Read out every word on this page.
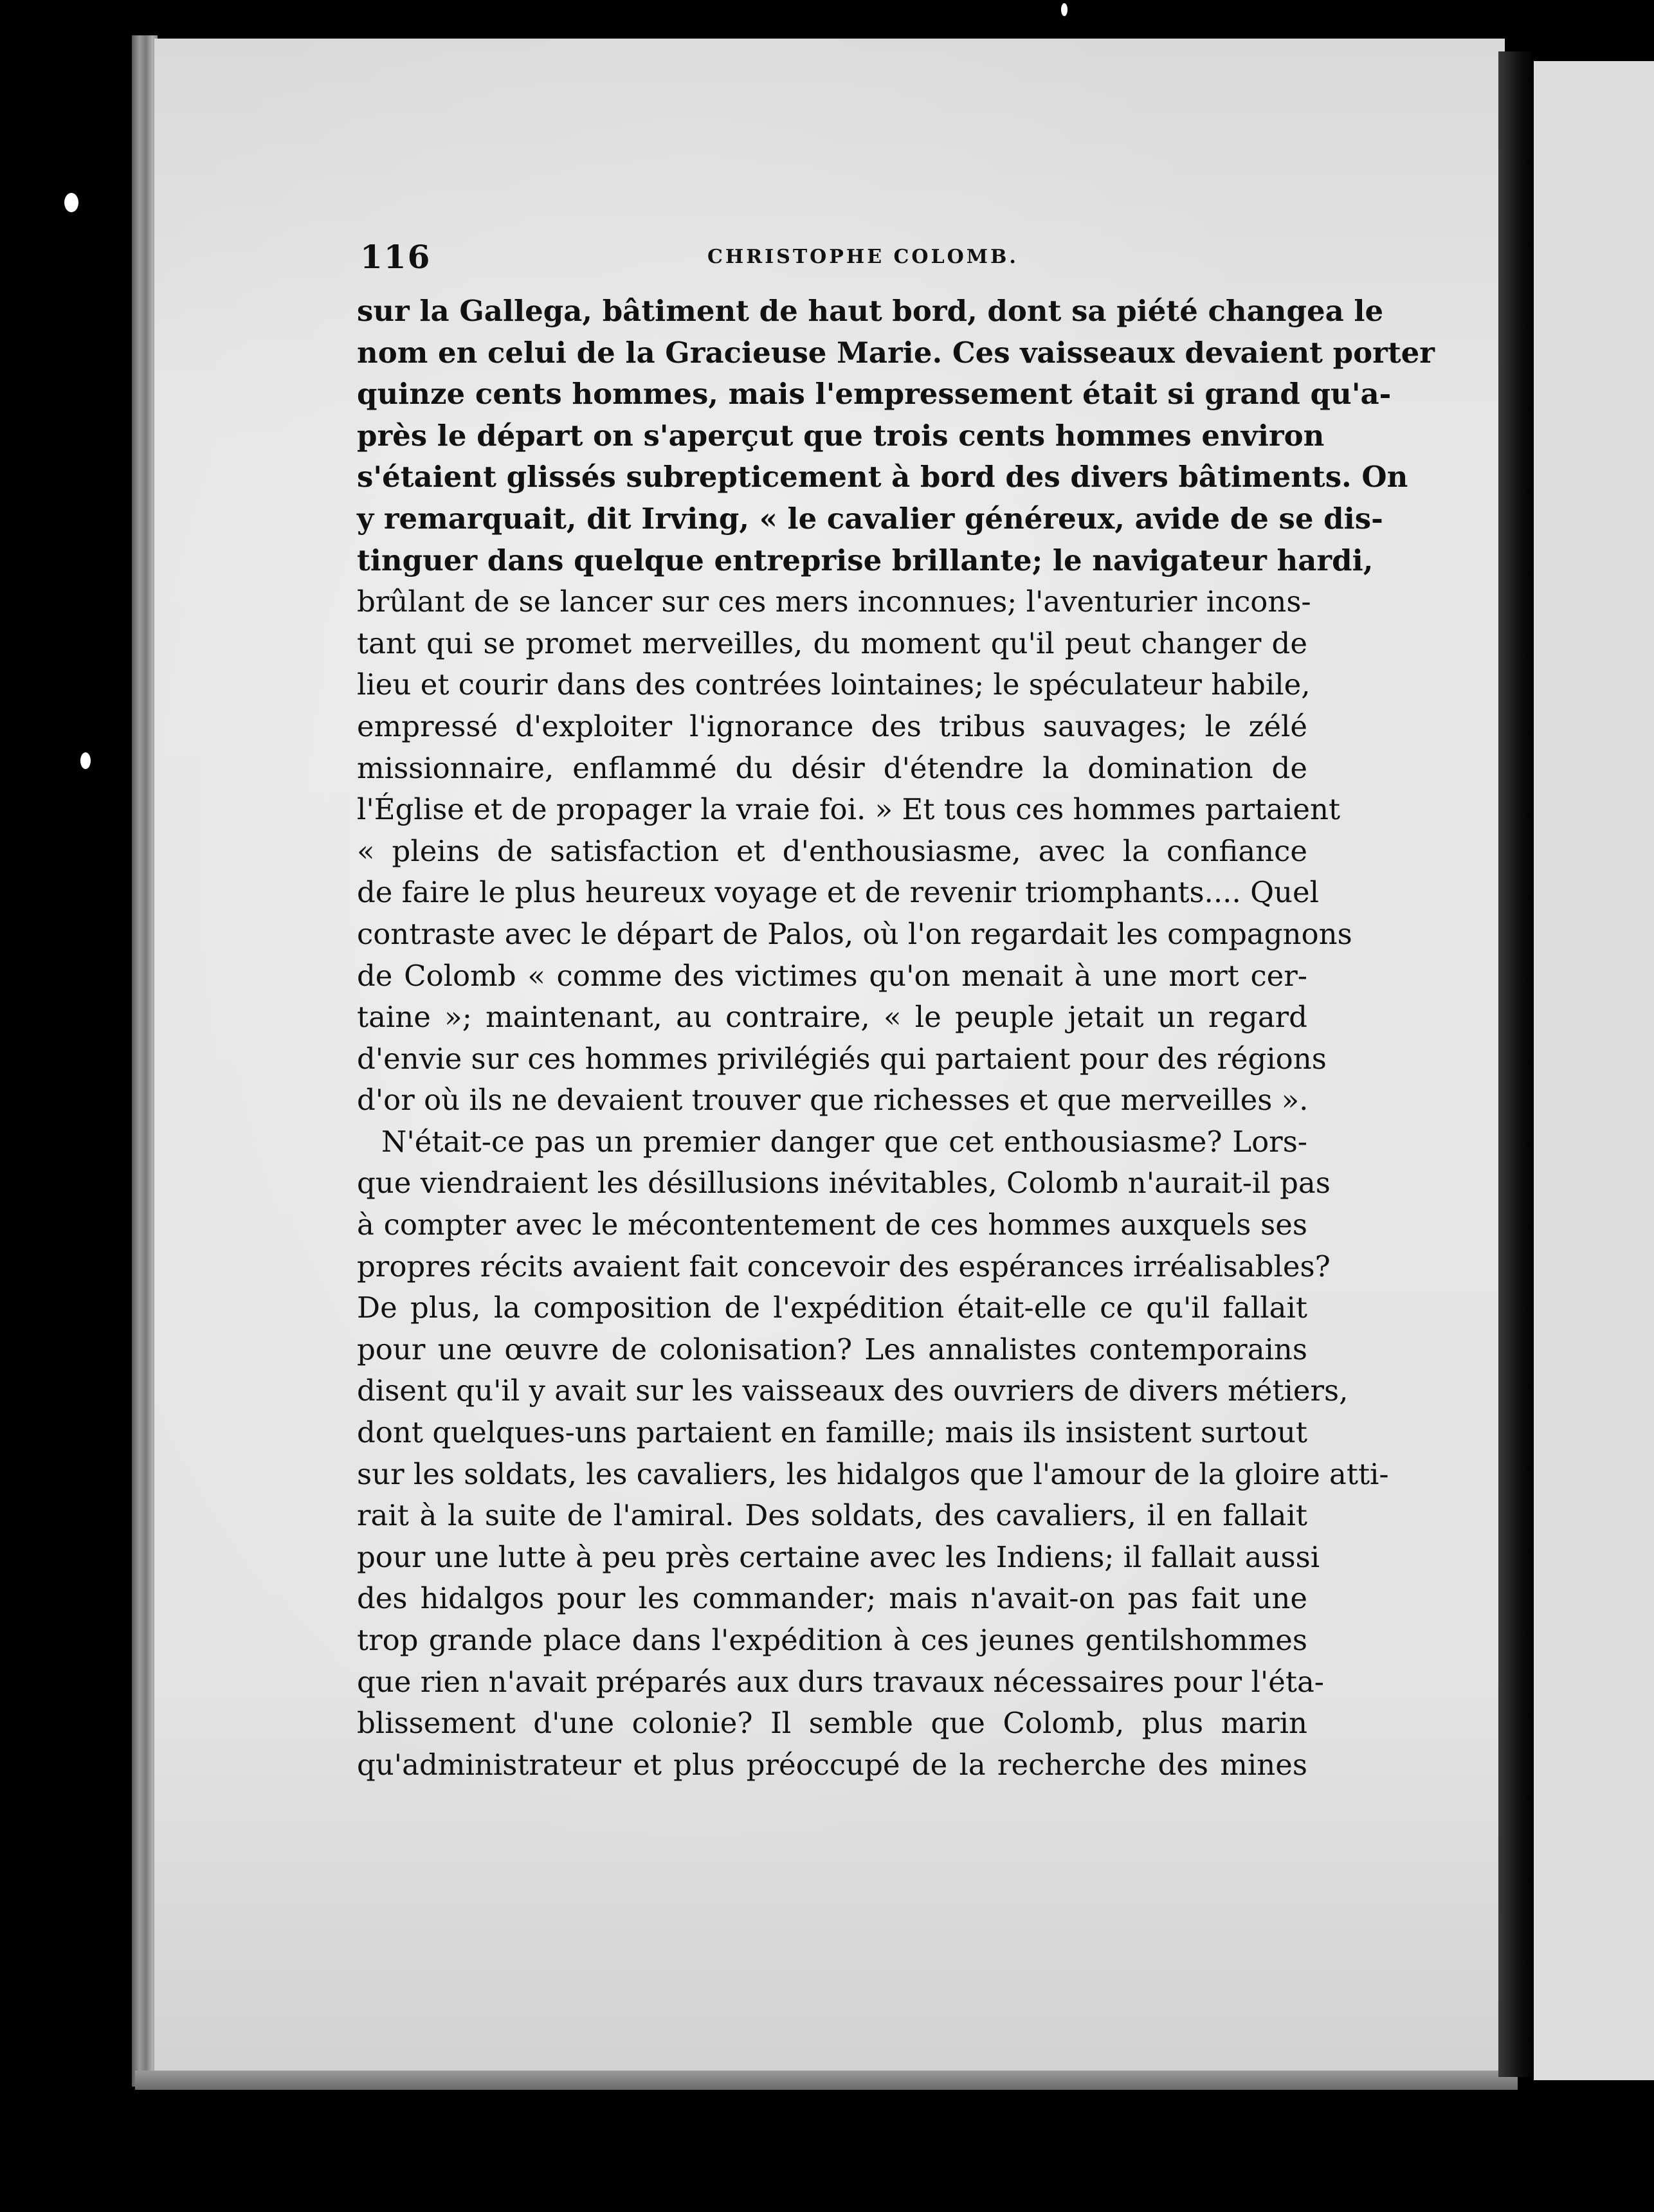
116	CHRISTOPHE COLOMB.
sur la Gallega, bâtiment de haut bord, dont sa piété changea le
nom en celui de la Gracieuse Marie. Ces vaisseaux devaient porter
quinze cents hommes, mais l'empressement était si grand qu'a-
près le départ on s'aperçut que trois cents hommes environ
s'étaient glissés subrepticement à bord des divers bâtiments. On
y remarquait, dit Irving, « le cavalier généreux, avide de se dis-
tinguer dans quelque entreprise brillante; le navigateur hardi,
brûlant de se lancer sur ces mers inconnues; l'aventurier incons-
tant qui se promet merveilles, du moment qu'il peut changer de
lieu et courir dans des contrées lointaines; le spéculateur habile,
empressé d'exploiter l'ignorance des tribus sauvages; le zélé
missionnaire, enflammé du désir d'étendre la domination de
l'Église et de propager la vraie foi. » Et tous ces hommes partaient
« pleins de satisfaction et d'enthousiasme, avec la confiance
de faire le plus heureux voyage et de revenir triomphants.... Quel
contraste avec le départ de Palos, où l'on regardait les compagnons
de Colomb « comme des victimes qu'on menait à une mort cer-
taine »; maintenant, au contraire, « le peuple jetait un regard
d'envie sur ces hommes privilégiés qui partaient pour des régions
d'or où ils ne devaient trouver que richesses et que merveilles ».
N'était-ce pas un premier danger que cet enthousiasme? Lors-
que viendraient les désillusions inévitables, Colomb n'aurait-il pas
à compter avec le mécontentement de ces hommes auxquels ses
propres récits avaient fait concevoir des espérances irréalisables?
De plus, la composition de l'expédition était-elle ce qu'il fallait
pour une œuvre de colonisation? Les annalistes contemporains
disent qu'il y avait sur les vaisseaux des ouvriers de divers métiers,
dont quelques-uns partaient en famille; mais ils insistent surtout
sur les soldats, les cavaliers, les hidalgos que l'amour de la gloire atti-
rait à la suite de l'amiral. Des soldats, des cavaliers, il en fallait
pour une lutte à peu près certaine avec les Indiens; il fallait aussi
des hidalgos pour les commander; mais n'avait-on pas fait une
trop grande place dans l'expédition à ces jeunes gentilshommes
que rien n'avait préparés aux durs travaux nécessaires pour l'éta-
blissement d'une colonie? Il semble que Colomb, plus marin
qu'administrateur et plus préoccupé de la recherche des mines
